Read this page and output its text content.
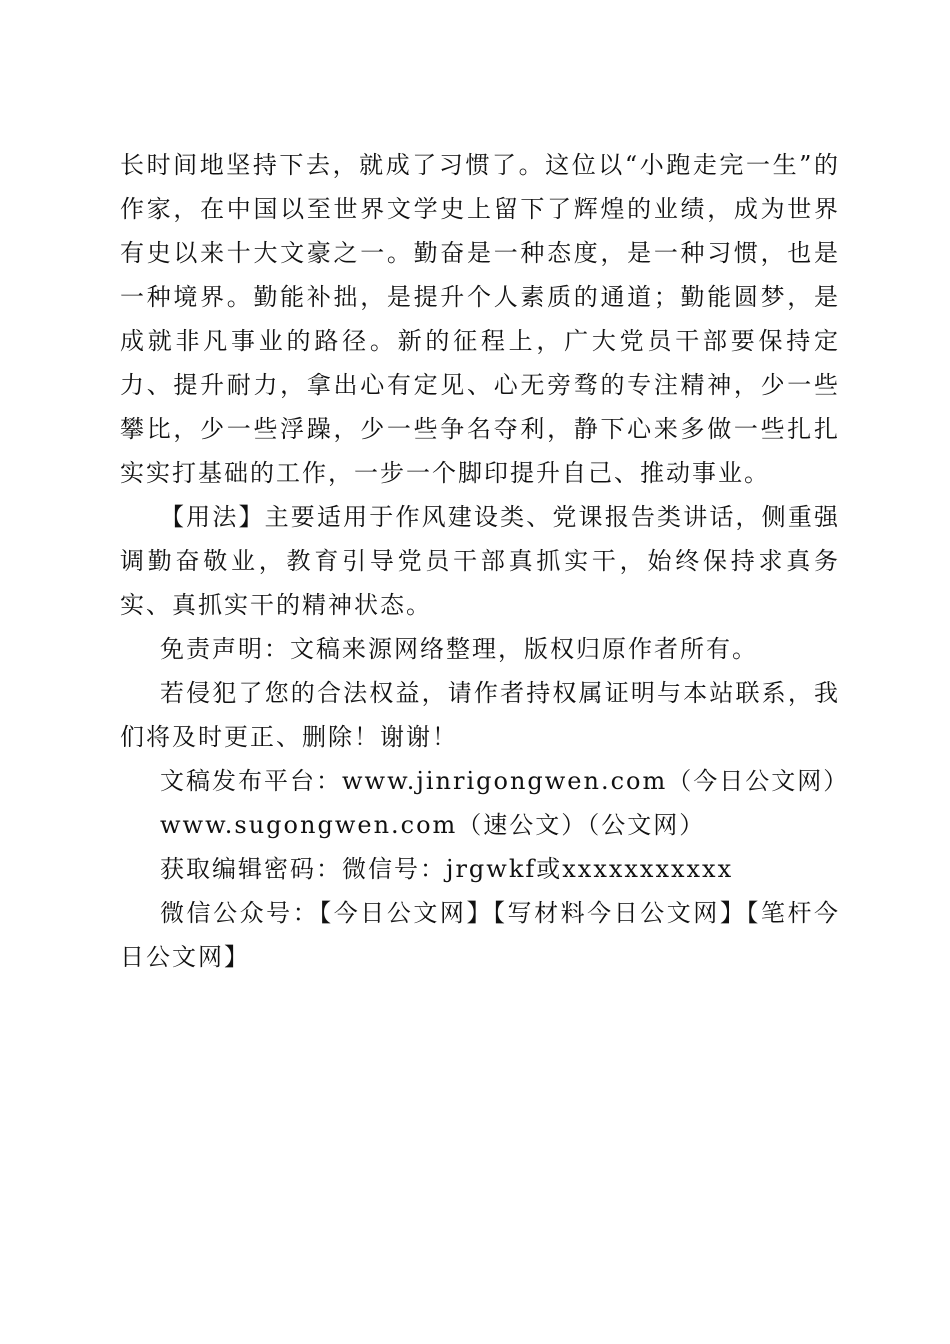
长时间地坚持下去，就成了习惯了。这位以“小跑走完一生”的作家，在中国以至世界文学史上留下了辉煌的业绩，成为世界有史以来十大文豪之一。勤奋是一种态度，是一种习惯，也是一种境界。勤能补拙，是提升个人素质的通道；勤能圆梦，是成就非凡事业的路径。新的征程上，广大党员干部要保持定力、提升耐力，拿出心有定见、心无旁骛的专注精神，少一些攀比，少一些浮躁，少一些争名夺利，静下心来多做一些扎扎实实打基础的工作，一步一个脚印提升自己、推动事业。

【用法】主要适用于作风建设类、党课报告类讲话，侧重强调勤奋敬业，教育引导党员干部真抓实干，始终保持求真务实、真抓实干的精神状态。

免责声明：文稿来源网络整理，版权归原作者所有。

若侵犯了您的合法权益，请作者持权属证明与本站联系，我们将及时更正、删除！谢谢！

文稿发布平台：www.jinrigongwen.com（今日公文网）

www.sugongwen.com（速公文）（公文网）

获取编辑密码：微信号：jrgwkf或xxxxxxxxxxx

微信公众号：【今日公文网】【写材料今日公文网】【笔杆今日公文网】
